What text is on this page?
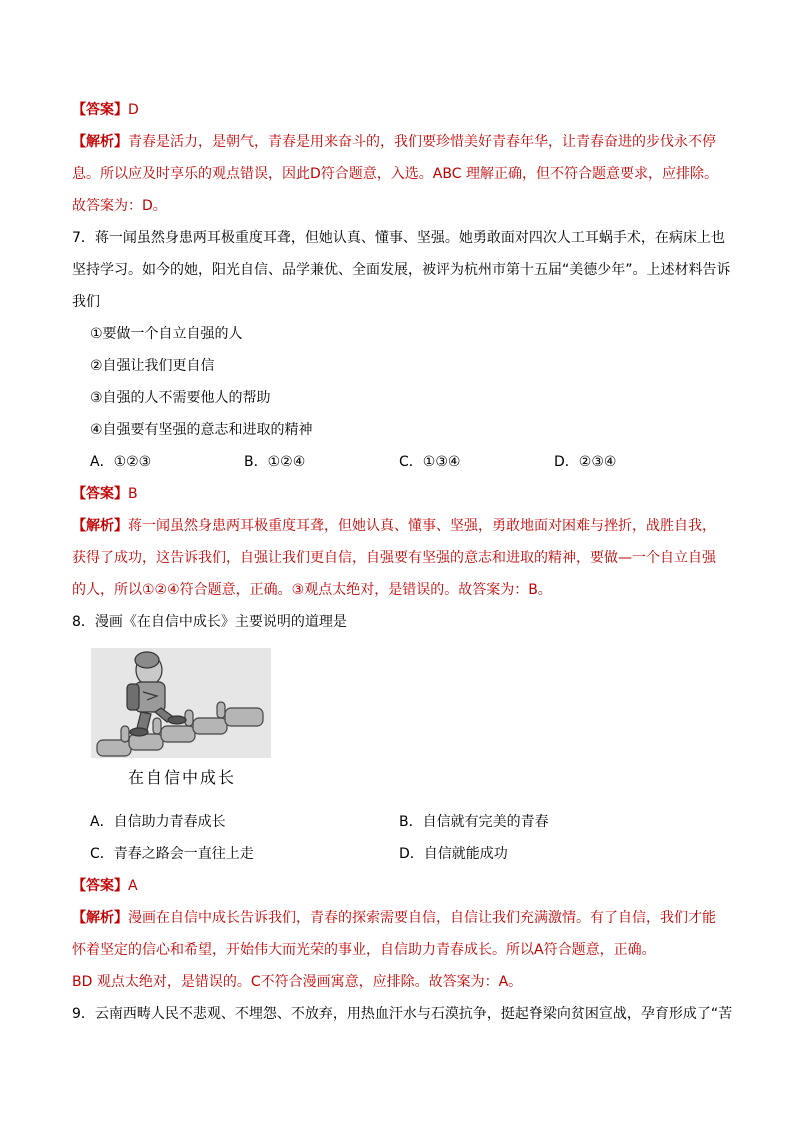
【答案】D
【解析】青春是活力，是朝气，青春是用来奋斗的，我们要珍惜美好青春年华，让青春奋进的步伐永不停
息。所以应及时享乐的观点错误，因此D符合题意，入选。ABC 理解正确，但不符合题意要求，应排除。
故答案为：D。
7．蒋一闻虽然身患两耳极重度耳聋，但她认真、懂事、坚强。她勇敢面对四次人工耳蜗手术，在病床上也
坚持学习。如今的她，阳光自信、品学兼优、全面发展，被评为杭州市第十五届“美德少年”。上述材料告诉
我们
①要做一个自立自强的人
②自强让我们更自信
③自强的人不需要他人的帮助
④自强要有坚强的意志和进取的精神
A．①②③	B．①②④	C．①③④	D．②③④
【答案】B
【解析】蒋一闻虽然身患两耳极重度耳聋，但她认真、懂事、坚强，勇敢地面对困难与挫折，战胜自我，
获得了成功，这告诉我们，自强让我们更自信，自强要有坚强的意志和进取的精神，要做—一个自立自强
的人，所以①②④符合题意，正确。③观点太绝对，是错误的。故答案为：B。
8．漫画《在自信中成长》主要说明的道理是
在自信中成长
A．自信助力青春成长	B．自信就有完美的青春
C．青春之路会一直往上走	D．自信就能成功
【答案】A
【解析】漫画在自信中成长告诉我们，青春的探索需要自信，自信让我们充满激情。有了自信，我们才能
怀着坚定的信心和希望，开始伟大而光荣的事业，自信助力青春成长。所以A符合题意，正确。
BD 观点太绝对，是错误的。C不符合漫画寓意，应排除。故答案为：A。
9．云南西畴人民不悲观、不埋怨、不放弃，用热血汗水与石漠抗争，挺起脊梁向贫困宣战，孕育形成了“苦
